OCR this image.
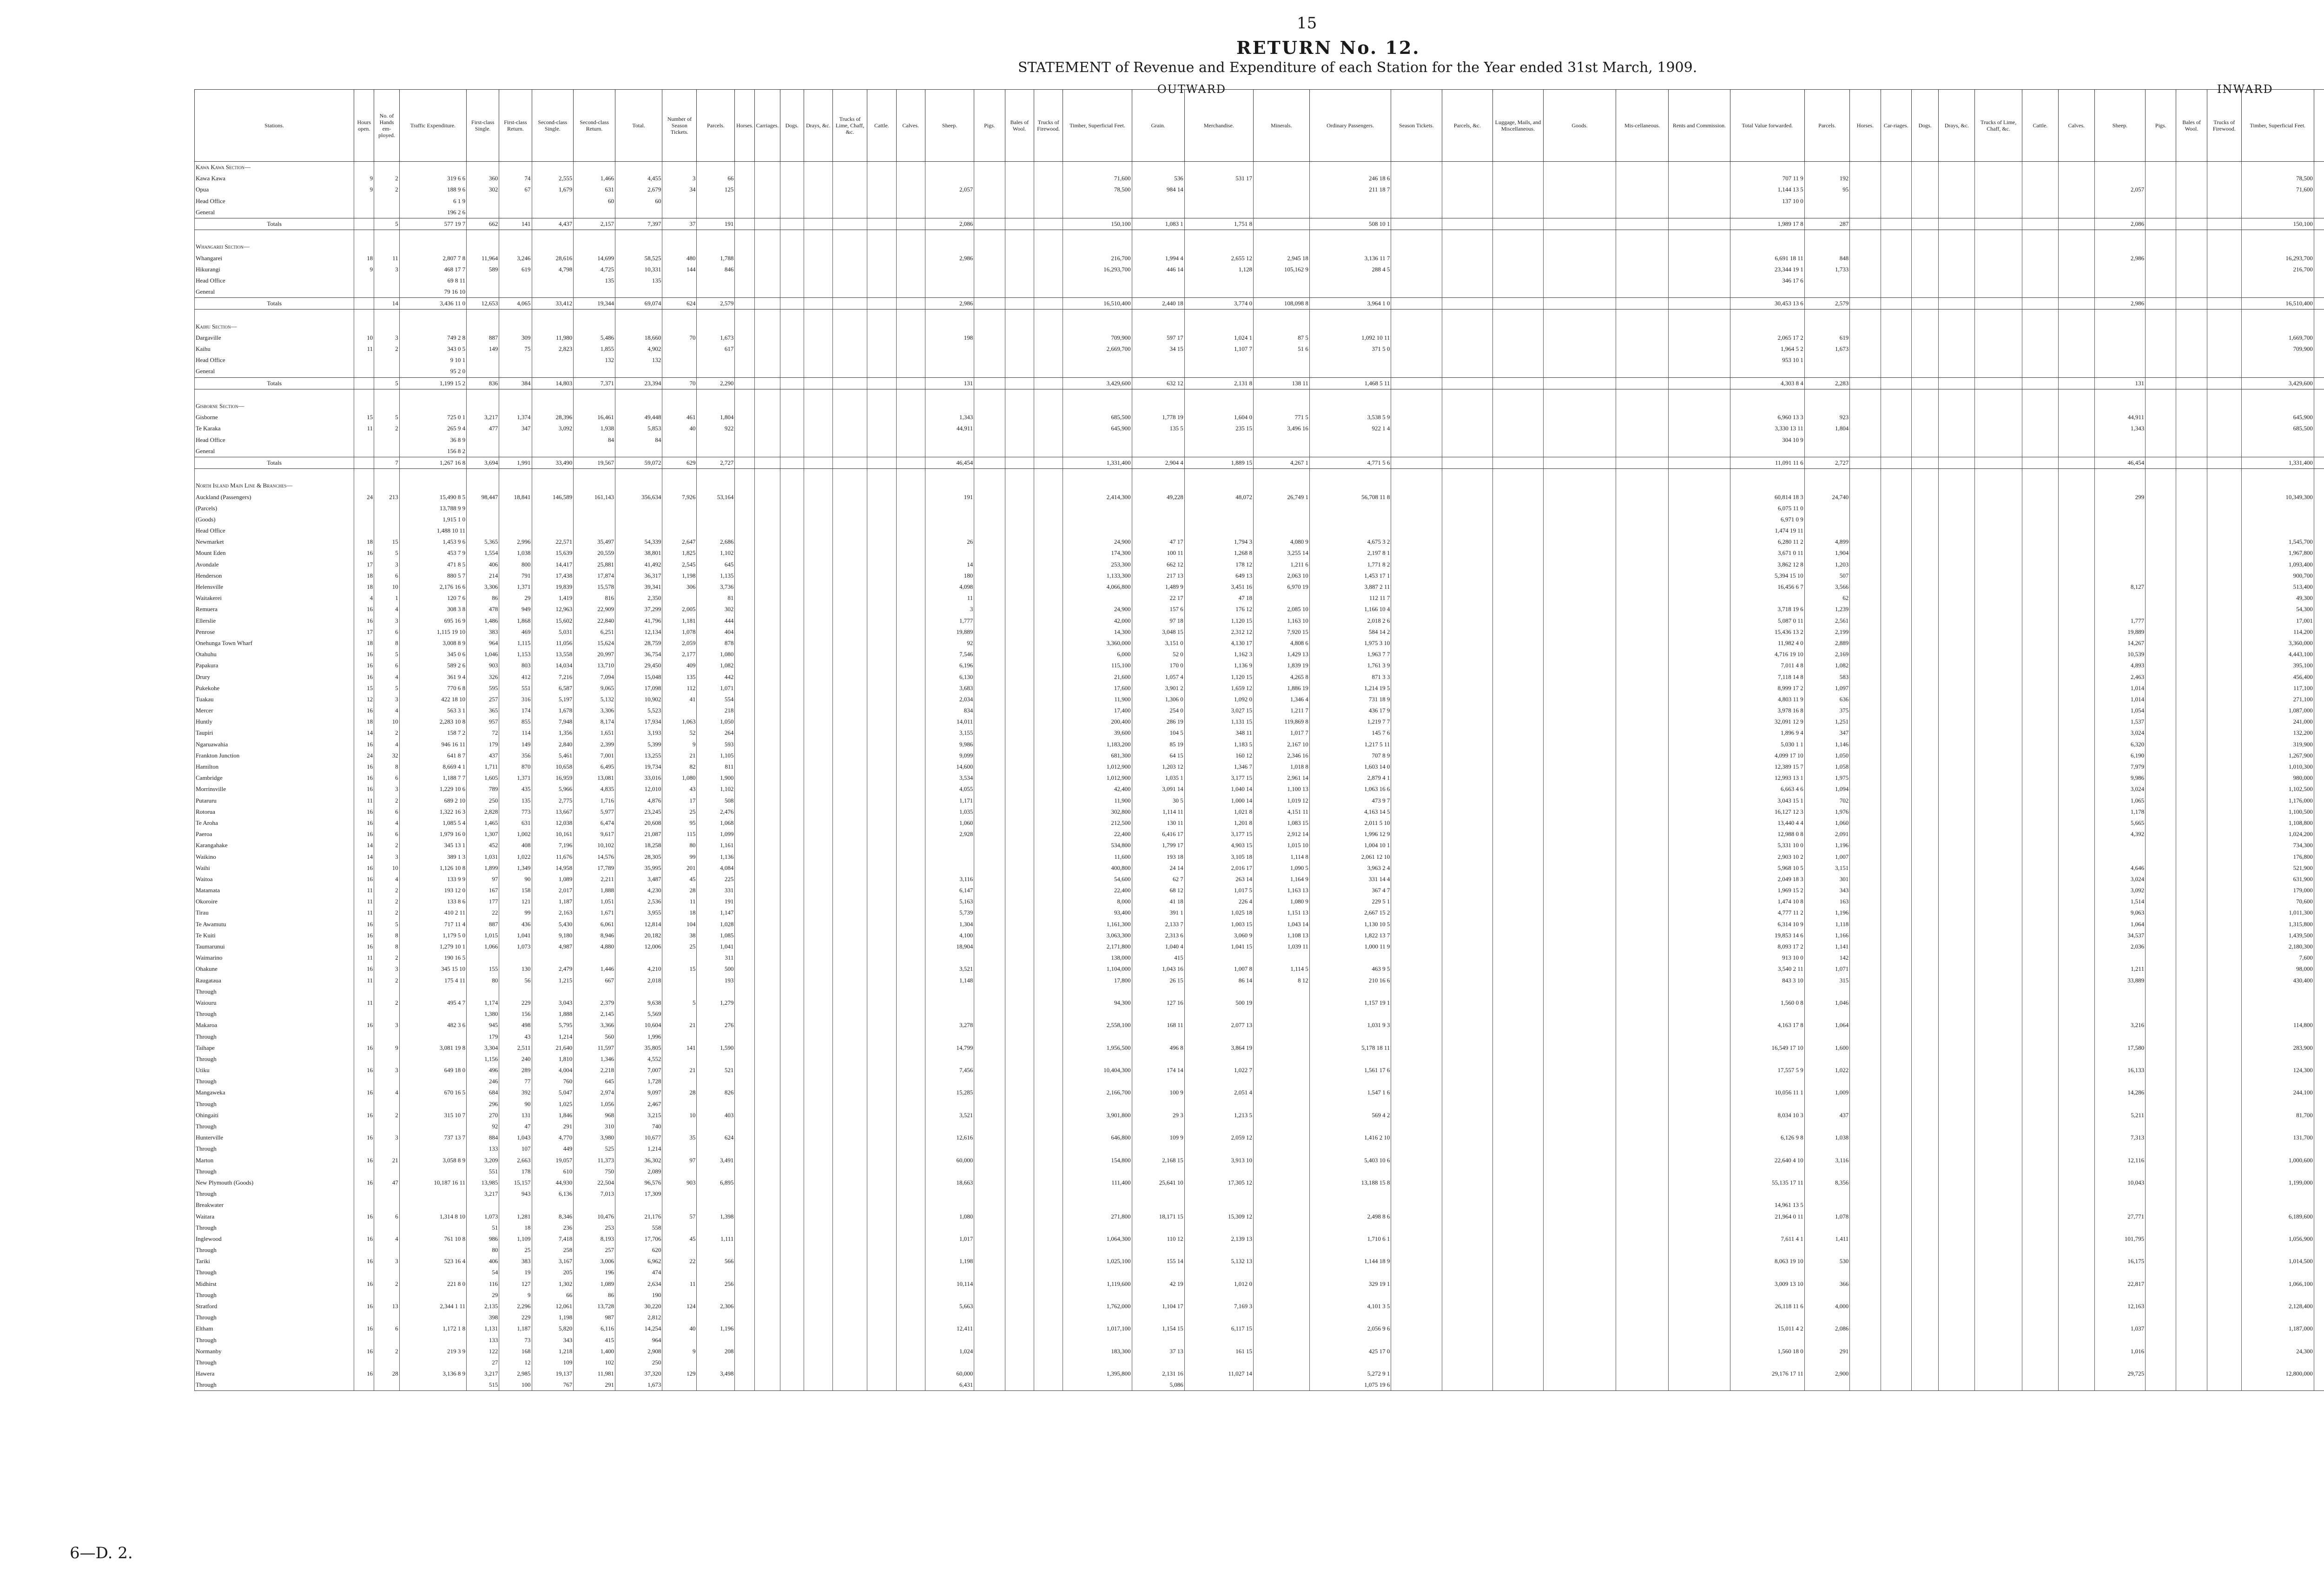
15
RETURN No. 12.
STATEMENT of Revenue and Expenditure of each Station for the Year ended 31st March, 1909.
OUTWARD	INWARD
Stations.	Hours open.	No. of Hands em-ployed.	Traffic Expenditure.	First-class Single.	First-class Return.	Second-class Single.	Second-class Return.	Total.	Number of Season Tickets.	Parcels.	Horses.	Carriages.	Dogs.	Drays, &c.	Trucks of Lime, Chaff, &c.	Cattle.	Calves.	Sheep.	Pigs.	Bales of Wool.	Trucks of Firewood.	Timber, Superficial Feet.	Grain.	Merchandise.	Minerals.	Ordinary Passengers.	Season Tickets.	Parcels, &c.	Luggage, Mails, and Miscellaneous.	Goods.	Mis-cellaneous.	Rents and Commission.	Total Value forwarded.	Parcels.	Horses.	Car-riages.	Dogs.	Drays, &c.	Trucks of Lime, Chaff, &c.	Cattle.	Calves.	Sheep.	Pigs.	Bales of Wool.	Trucks of Firewood.	Timber, Superficial Feet.				
Kawa Kawa Section—																																																		
Kawa Kawa	9	2	319 6 6	360	74	2,555	1,466	4,455	3	66												71,600	536	531 17		246 18 6							707 11 9	192												78,500				
Opua	9	2	188 9 6	302	67	1,679	631	2,679	34	125								2,057				78,500	984 14			211 18 7							1,144 13 5	95								2,057				71,600				
Head Office			6 1 9				60	60																									137 10 0																	
General			196 2 6																																															
Totals		5	577 19 7	662	141	4,437	2,157	7,397	37	191								2,086				150,100	1,083 1	1,751 8		508 10 1							1,989 17 8	287								2,086				150,100				

Whangarei Section—																																																		
Whangarei	18	11	2,807 7 8	11,964	3,246	28,616	14,699	58,525	480	1,788								2,986				216,700	1,994 4	2,655 12	2,945 18	3,136 11 7							6,691 18 11	848								2,986				16,293,700				
Hikurangi	9	3	468 17 7	589	619	4,798	4,725	10,331	144	846												16,293,700	446 14	1,128	105,162 9	288 4 5							23,344 19 1	1,733												216,700				
Head Office			69 8 11				135	135																									346 17 6																	
General			79 16 10																																															
Totals		14	3,436 11 0	12,653	4,065	33,412	19,344	69,074	624	2,579								2,986				16,510,400	2,440 18	3,774 0	108,098 8	3,964 1 0							30,453 13 6	2,579								2,986				16,510,400				

Kaihu Section—																																																		
Dargaville	10	3	749 2 8	887	309	11,980	5,486	18,660	70	1,673								198				709,900	597 17	1,024 1	87 5	1,092 10 11							2,065 17 2	619												1,669,700				
Kaihu	11	2	343 0 5	149	75	2,823	1,855	4,902		617												2,669,700	34 15	1,107 7	51 6	371 5 0							1,964 5 2	1,673												709,900				
Head Office			9 10 1				132	132																									953 10 1																	
General			95 2 0																																															
Totals		5	1,199 15 2	836	384	14,803	7,371	23,394	70	2,290								131				3,429,600	632 12	2,131 8	138 11	1,468 5 11							4,303 8 4	2,283								131				3,429,600				

Gisborne Section—																																																		
Gisborne	15	5	725 0 1	3,217	1,374	28,396	16,461	49,448	461	1,804								1,343				685,500	1,778 19	1,604 0	771 5	3,538 5 9							6,960 13 3	923								44,911				645,900				
Te Karaka	11	2	265 9 4	477	347	3,092	1,938	5,853	40	922								44,911				645,900	135 5	235 15	3,496 16	922 1 4							3,330 13 11	1,804								1,343				685,500				
Head Office			36 8 9				84	84																									304 10 9																	
General			156 8 2																																															
Totals		7	1,267 16 8	3,694	1,991	33,490	19,567	59,072	629	2,727								46,454				1,331,400	2,904 4	1,889 15	4,267 1	4,771 5 6							11,091 11 6	2,727								46,454				1,331,400				

North Island Main Line & Branches—																																																		
Auckland (Passengers)	24	213	15,490 8 5	98,447	18,841	146,589	161,143	356,634	7,926	53,164								191				2,414,300	49,228	48,072	26,749 1	56,708 11 8							60,814 18 3	24,740								299				10,349,300				
(Parcels)			13,788 9 9																														6,075 11 0																	
(Goods)			1,915 1 0																														6,971 0 9																	
Head Office			1,488 10 11																														1,474 19 11																	
Newmarket	18	15	1,453 9 6	5,365	2,996	22,571	35,497	54,339	2,647	2,686								26				24,900	47 17	1,794 3	4,080 9	4,675 3 2							6,280 11 2	4,899												1,545,700				
Mount Eden	16	5	453 7 9	1,554	1,038	15,639	20,559	38,801	1,825	1,102												174,300	100 11	1,268 8	3,255 14	2,197 8 1							3,671 0 11	1,904												1,967,800				
Avondale	17	3	471 8 5	406	800	14,417	25,881	41,492	2,545	645								14				253,300	662 12	178 12	1,211 6	1,771 8 2							3,862 12 8	1,203												1,093,400				
Henderson	18	6	880 5 7	214	791	17,438	17,874	36,317	1,198	1,135								180				1,133,300	217 13	649 13	2,063 10	1,453 17 1							5,394 15 10	507												900,700				
Helensville	18	10	2,176 16 6	3,306	1,371	19,839	15,578	39,341	306	3,736								4,098				4,066,800	1,489 9	3,451 16	6,970 19	3,887 2 11							16,456 6 7	3,566								8,127				513,400				
Waitakerei	4	1	120 7 6	86	29	1,419	816	2,350		81								11					22 17	47 18		112 11 7								62												49,300				
Remuera	16	4	308 3 8	478	949	12,963	22,909	37,299	2,005	302								3				24,900	157 6	176 12	2,085 10	1,166 10 4							3,718 19 6	1,239												54,300				
Ellerslie	16	3	695 16 9	1,486	1,868	15,602	22,840	41,796	1,181	444								1,777				42,000	97 18	1,120 15	1,163 10	2,018 2 6							5,087 0 11	2,561								1,777				17,001				
Penrose	17	6	1,115 19 10	383	469	5,031	6,251	12,134	1,078	404								19,889				14,300	3,048 15	2,312 12	7,920 15	584 14 2							15,436 13 2	2,199								19,889				114,200				
Onehunga Town Wharf	18	8	3,008 8 9	964	1,115	11,056	15,624	28,759	2,059	878								92				3,360,000	3,151 0	4,130 17	4,808 6	1,975 3 10							11,982 4 0	2,889								14,267				3,360,000				
Otahuhu	16	5	345 0 6	1,046	1,153	13,558	20,997	36,754	2,177	1,080								7,546				6,000	52 0	1,162 3	1,429 13	1,963 7 7							4,716 19 10	2,169								10,539				4,443,100				
Papakura	16	6	589 2 6	903	803	14,034	13,710	29,450	409	1,082								6,196				115,100	170 0	1,136 9	1,839 19	1,761 3 9							7,011 4 8	1,082								4,893				395,100				
Drury	16	4	361 9 4	326	412	7,216	7,094	15,048	135	442								6,130				21,600	1,057 4	1,120 15	4,265 8	871 3 3							7,118 14 8	583								2,463				456,400				
Pukekohe	15	5	770 6 8	595	551	6,587	9,065	17,098	112	1,071								3,683				17,600	3,901 2	1,659 12	1,886 19	1,214 19 5							8,999 17 2	1,097								1,014				117,100				
Tuakau	12	3	422 18 10	257	316	5,197	5,132	10,902	41	554								2,034				11,900	1,306 0	1,092 0	1,346 4	731 18 9							4,803 11 9	636								1,014				271,100				
Mercer	16	4	563 3 1	365	174	1,678	3,306	5,523		218								834				17,400	254 0	3,027 15	1,211 7	436 17 9							3,978 16 8	375								1,054				1,087,000				
Huntly	18	10	2,283 10 8	957	855	7,948	8,174	17,934	1,063	1,050								14,011				200,400	286 19	1,131 15	119,869 8	1,219 7 7							32,091 12 9	1,251								1,537				241,000				
Taupiri	14	2	158 7 2	72	114	1,356	1,651	3,193	52	264								3,155				39,600	104 5	348 11	1,017 7	145 7 6							1,896 9 4	347								3,024				132,200				
Ngaruawahia	16	4	946 16 11	179	149	2,840	2,399	5,399	9	593								9,986				1,183,200	85 19	1,183 5	2,167 10	1,217 5 11							5,030 1 1	1,146								6,320				319,900				
Frankton Junction	24	32	641 8 7	437	356	5,461	7,001	13,255	21	1,105								9,099				681,300	64 15	160 12	2,346 16	707 8 9							4,099 17 10	1,050								6,190				1,267,900				
Hamilton	16	8	8,669 4 1	1,711	870	10,658	6,495	19,734	82	811								14,600				1,012,900	1,203 12	1,346 7	1,018 8	1,603 14 0							12,389 15 7	1,058								7,979				1,010,300				
Cambridge	16	6	1,188 7 7	1,605	1,371	16,959	13,081	33,016	1,080	1,900								3,534				1,012,900	1,035 1	3,177 15	2,961 14	2,879 4 1							12,993 13 1	1,975								9,986				980,000				
Morrinsville	16	3	1,229 10 6	789	435	5,966	4,835	12,010	43	1,102								4,055				42,400	3,091 14	1,040 14	1,100 13	1,063 16 6							6,663 4 6	1,094								3,024				1,102,500				
Putaruru	11	2	689 2 10	250	135	2,775	1,716	4,876	17	508								1,171				11,900	30 5	1,000 14	1,019 12	473 9 7							3,043 15 1	702								1,065				1,176,000				
Rotorua	16	6	1,322 16 3	2,828	773	13,667	5,977	23,245	25	2,476								1,035				302,800	1,114 11	1,021 8	4,151 11	4,163 14 5							16,127 12 3	1,976								1,178				1,100,500				
Te Aroha	16	4	1,085 5 4	1,465	631	12,038	6,474	20,608	95	1,068								1,060				212,500	130 11	1,201 8	1,083 15	2,011 5 10							13,440 4 4	1,060								5,665				1,108,800				
Paeroa	16	6	1,979 16 0	1,307	1,002	10,161	9,617	21,087	115	1,099								2,928				22,400	6,416 17	3,177 15	2,912 14	1,996 12 9							12,988 0 8	2,091								4,392				1,024,200				
Karangahake	14	2	345 13 1	452	408	7,196	10,102	18,258	80	1,161												534,800	1,799 17	4,903 15	1,015 10	1,004 10 1							5,331 10 0	1,196												734,300				
Waikino	14	3	389 1 3	1,031	1,022	11,676	14,576	28,305	99	1,136												11,600	193 18	3,105 18	1,114 8	2,061 12 10							2,903 10 2	1,007												176,800				
Waihi	16	10	1,126 10 8	1,899	1,349	14,958	17,789	35,995	201	4,084												400,800	24 14	2,016 17	1,090 5	3,963 2 4							5,968 10 5	3,151								4,646				521,900				
Waitoa	16	4	133 9 9	97	90	1,089	2,211	3,487	45	225								3,116				54,600	62 7	263 14	1,164 9	331 14 4							2,049 18 3	301								3,024				631,900				
Matamata	11	2	193 12 0	167	158	2,017	1,888	4,230	28	331								6,147				22,400	68 12	1,017 5	1,163 13	367 4 7							1,969 15 2	343								3,092				179,000				
Okoroire	11	2	133 8 6	177	121	1,187	1,051	2,536	11	191								5,163				8,000	41 18	226 4	1,080 9	229 5 1							1,474 10 8	163								1,514				70,600				
Tirau	11	2	410 2 11	22	99	2,163	1,671	3,955	18	1,147								5,739				93,400	391 1	1,025 18	1,151 13	2,667 15 2							4,777 11 2	1,196								9,063				1,011,300				
Te Awamutu	16	5	717 11 4	887	436	5,430	6,061	12,814	104	1,028								1,304				1,161,300	2,133 7	1,003 15	1,043 14	1,130 10 5							6,314 10 9	1,118								1,064				1,315,800				
Te Kuiti	16	8	1,179 5 0	1,015	1,041	9,180	8,946	20,182	38	1,085								4,100				3,063,300	2,313 6	3,060 9	1,108 13	1,822 13 7							19,853 14 6	1,166								34,537				1,439,500				
Taumarunui	16	8	1,279 10 1	1,066	1,073	4,987	4,880	12,006	25	1,041								18,904				2,171,800	1,040 4	1,041 15	1,039 11	1,000 11 9							8,093 17 2	1,141								2,036				2,180,300				
Waimarino	11	2	190 16 5							311												138,000	415										913 10 0	142												7,600				
Ohakune	16	3	345 15 10	155	130	2,479	1,446	4,210	15	500								3,521				1,104,000	1,043 16	1,007 8	1,114 5	463 9 5							3,540 2 11	1,071								1,211				98,000				
Raugataua	11	2	175 4 11	80	56	1,215	667	2,018		193								1,148				17,800	26 15	86 14	8 12	210 16 6							843 3 10	315								33,889				430,400				
Through																																																		
Waiouru	11	2	495 4 7	1,174	229	3,043	2,379	9,638	5	1,279												94,300	127 16	500 19		1,157 19 1							1,560 0 8	1,046																
Through				1,380	156	1,888	2,145	5,569																																										
Makaroa	16	3	482 3 6	945	498	5,795	3,366	10,604	21	276								3,278				2,558,100	168 11	2,077 13		1,031 9 3							4,163 17 8	1,064								3,216				114,800				
Through				179	43	1,214	560	1,996																																										
Taihape	16	9	3,081 19 8	3,304	2,511	21,640	11,597	35,805	141	1,590								14,799				1,956,500	496 8	3,864 19		5,178 18 11							16,549 17 10	1,600								17,580				283,900				
Through				1,156	240	1,810	1,346	4,552																																										
Utiku	16	3	649 18 0	496	289	4,004	2,218	7,007	21	521								7,456				10,404,300	174 14	1,022 7		1,561 17 6							17,557 5 9	1,022								16,133				124,300				
Through				246	77	760	645	1,728																																										
Mangaweka	16	4	670 16 5	684	392	5,047	2,974	9,097	28	826								15,285				2,166,700	100 9	2,051 4		1,547 1 6							10,056 11 1	1,009								14,286				244,100				
Through				296	90	1,025	1,056	2,467																																										
Ohingaiti	16	2	315 10 7	270	131	1,846	968	3,215	10	403								3,521				3,901,800	29 3	1,213 5		569 4 2							8,034 10 3	437								5,211				81,700				
Through				92	47	291	310	740																																										
Hunterville	16	3	737 13 7	884	1,043	4,770	3,980	10,677	35	624								12,616				646,800	109 9	2,059 12		1,416 2 10							6,126 9 8	1,038								7,313				131,700				
Through				133	107	449	525	1,214																																										
Marton	16	21	3,058 8 9	3,209	2,663	19,057	11,373	36,302	97	3,491								60,000				154,800	2,168 15	3,913 10		5,403 10 6							22,640 4 10	3,116								12,116				1,000,600				
Through				551	178	610	750	2,089																																										
New Plymouth (Goods)	16	47	10,187 16 11	13,985	15,157	44,930	22,504	96,576	903	6,895								18,663				111,400	25,641 10	17,305 12		13,188 15 8							55,135 17 11	8,356								10,043				1,199,000				
Through				3,217	943	6,136	7,013	17,309																																										
Breakwater																																	14,961 13 5																	
Waitara	16	6	1,314 8 10	1,073	1,281	8,346	10,476	21,176	57	1,398								1,080				271,800	18,171 15	15,309 12		2,498 8 6							21,964 0 11	1,078								27,771				6,189,600				
Through				51	18	236	253	558																																										
Inglewood	16	4	761 10 8	986	1,109	7,418	8,193	17,706	45	1,111								1,017				1,064,300	110 12	2,139 13		1,710 6 1							7,611 4 1	1,411								101,795				1,056,900				
Through				80	25	258	257	620																																										
Tariki	16	3	523 16 4	406	383	3,167	3,006	6,962	22	566								1,198				1,025,100	155 14	5,132 13		1,144 18 9							8,063 19 10	530								16,175				1,014,500				
Through				54	19	205	196	474																																										
Midhirst	16	2	221 8 0	116	127	1,302	1,089	2,634	11	256								10,114				1,119,600	42 19	1,012 0		329 19 1							3,009 13 10	366								22,817				1,066,100				
Through				29	9	66	86	190																																										
Stratford	16	13	2,344 1 11	2,135	2,296	12,061	13,728	30,220	124	2,306								5,663				1,762,000	1,104 17	7,169 3		4,101 3 5							26,118 11 6	4,000								12,163				2,128,400				
Through				398	229	1,198	987	2,812																																										
Eltham	16	6	1,172 1 8	1,131	1,187	5,820	6,116	14,254	40	1,196								12,411				1,017,100	1,154 15	6,117 15		2,056 9 6							15,011 4 2	2,086								1,037				1,187,000				
Through				133	73	343	415	964																																										
Normanby	16	2	219 3 9	122	168	1,218	1,400	2,908	9	208								1,024				183,300	37 13	161 15		425 17 0							1,560 18 0	291								1,016				24,300				
Through				27	12	109	102	250																																										
Hawera	16	28	3,136 8 9	3,217	2,985	19,137	11,981	37,320	129	3,498								60,000				1,395,800	2,131 16	11,027 14		5,272 9 1							29,176 17 11	2,900								29,725				12,800,000				
Through				515	100	767	291	1,673										6,431					5,086			1,075 19 6																								
6—D. 2.
